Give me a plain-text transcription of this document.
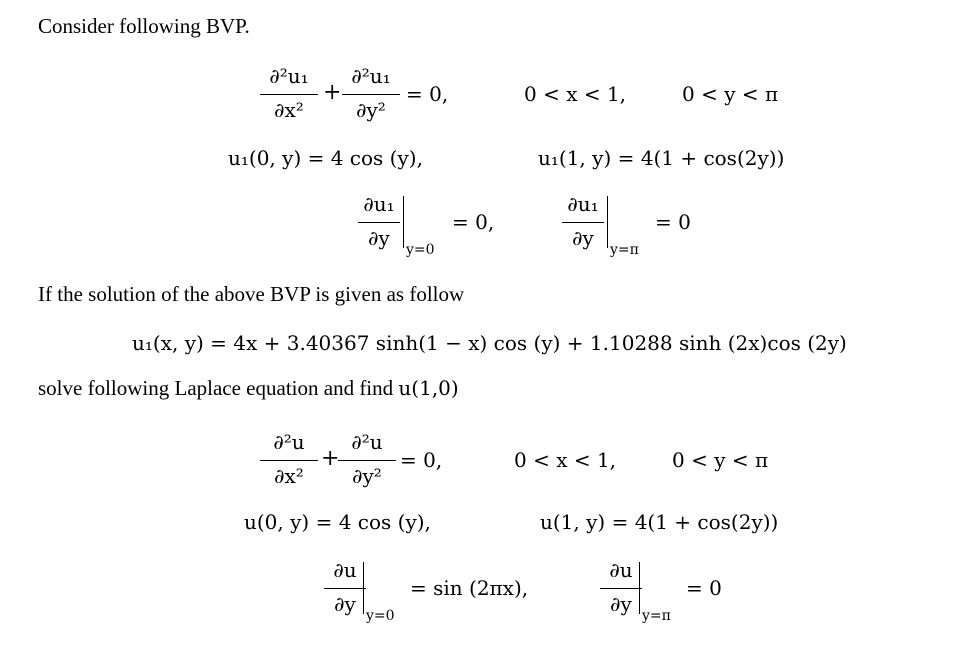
Consider following BVP.
∂²u₁
∂x²
+
∂²u₁
∂y²
= 0,	0 < x < 1,	0 < y < π
u₁(0, y) = 4 cos (y),	u₁(1, y) = 4(1 + cos(2y))
∂u₁
∂y	y=0
= 0,
∂u₁
∂y	y=π
= 0
If the solution of the above BVP is given as follow
u₁(x, y) = 4x + 3.40367 sinh(1 − x) cos (y) + 1.10288 sinh (2x)cos (2y)
solve following Laplace equation and find u(1,0)
∂²u
∂x²
+
∂²u
∂y²
= 0,	0 < x < 1,	0 < y < π
u(0, y) = 4 cos (y),	u(1, y) = 4(1 + cos(2y))
∂u
∂y y=0
= sin (2πx),
∂u
∂y y=π
= 0
